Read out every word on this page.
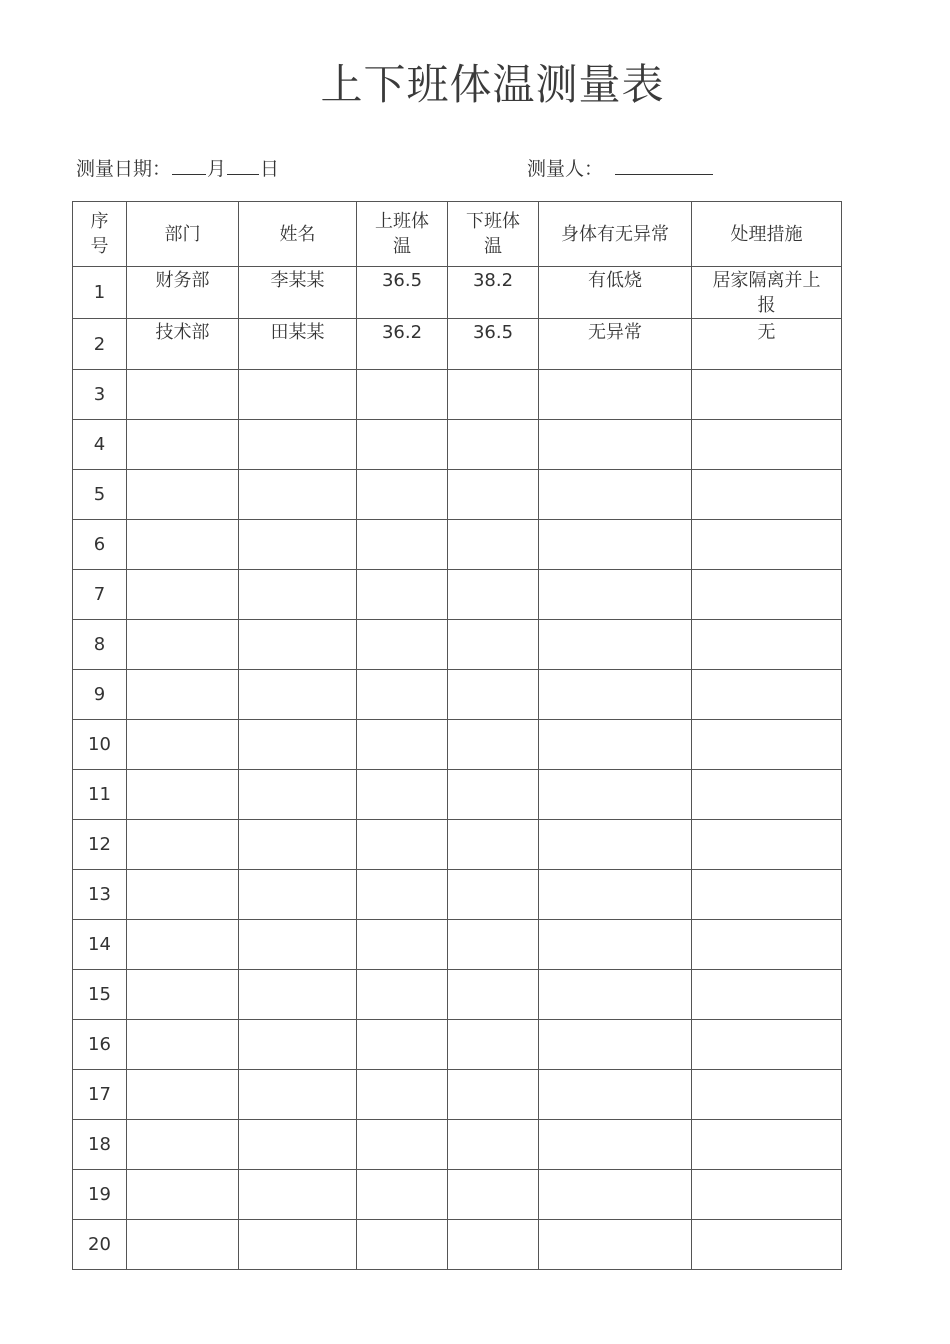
上下班体温测量表
测量日期： 月 日	测量人：
序号	部门	姓名	上班体温	下班体温	身体有无异常	处理措施
1	财务部	李某某	36.5	38.2	有低烧	居家隔离并上报
2	技术部	田某某	36.2	36.5	无异常	无
3						
4						
5						
6						
7						
8						
9						
10						
11						
12						
13						
14						
15						
16						
17						
18						
19						
20						
